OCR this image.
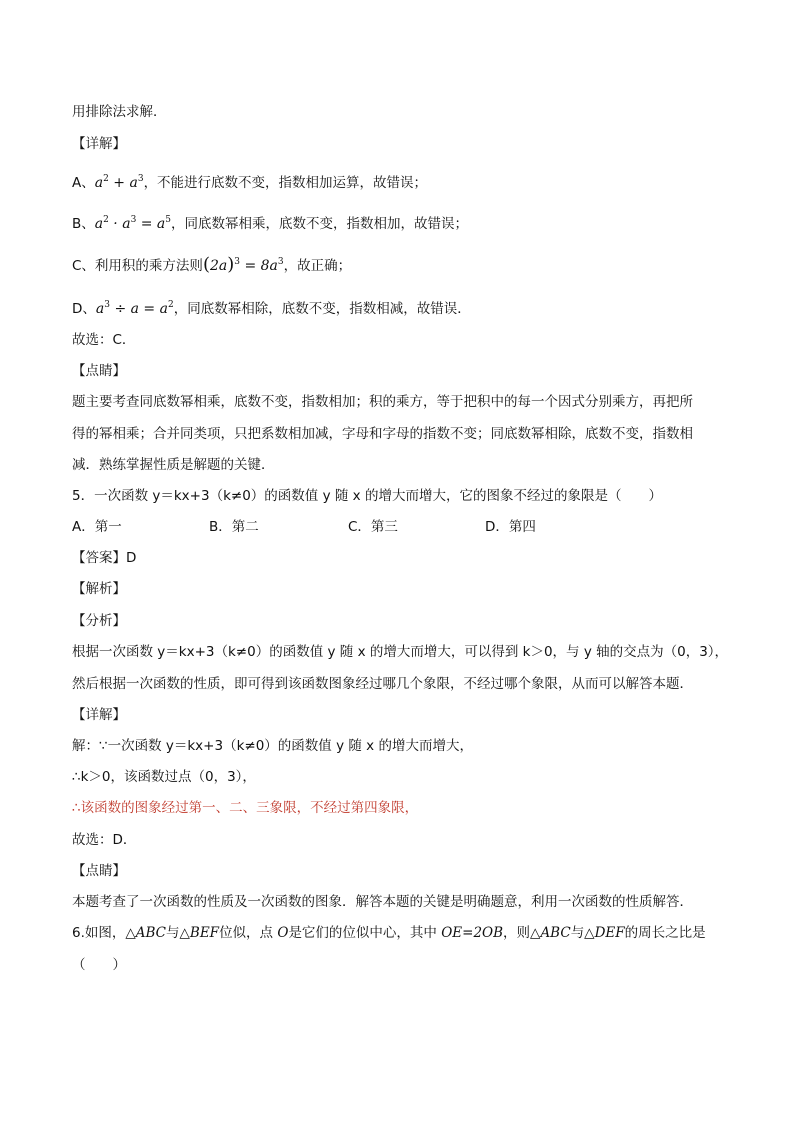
用排除法求解．
【详解】
A、$a^2 + a^3$，不能进行底数不变，指数相加运算，故错误；
B、$a^2 \cdot a^3 = a^5$，同底数幂相乘，底数不变，指数相加，故错误；
C、利用积的乘方法则$(2a)^3 = 8a^3$，故正确；
D、$a^3 \div a = a^2$，同底数幂相除，底数不变，指数相减，故错误．
故选：C．
【点睛】
题主要考查同底数幂相乘，底数不变，指数相加；积的乘方，等于把积中的每一个因式分别乘方，再把所
得的幂相乘；合并同类项，只把系数相加减，字母和字母的指数不变；同底数幂相除，底数不变，指数相
减．熟练掌握性质是解题的关键．
5．一次函数 y＝kx+3（k≠0）的函数值 y 随 x 的增大而增大，它的图象不经过的象限是（　　）
A．第一	B．第二	C．第三	D．第四
【答案】D
【解析】
【分析】
根据一次函数 y＝kx+3（k≠0）的函数值 y 随 x 的增大而增大，可以得到 k＞0，与 y 轴的交点为（0，3），
然后根据一次函数的性质，即可得到该函数图象经过哪几个象限，不经过哪个象限，从而可以解答本题．
【详解】
解：∵一次函数 y＝kx+3（k≠0）的函数值 y 随 x 的增大而增大，
∴k＞0，该函数过点（0，3），
∴该函数的图象经过第一、二、三象限，不经过第四象限，
故选：D．
【点睛】
本题考查了一次函数的性质及一次函数的图象．解答本题的关键是明确题意，利用一次函数的性质解答．
6.如图，△ABC与△BEF位似，点 O是它们的位似中心，其中 OE=2OB，则△ABC与△DEF的周长之比是
（　　）
